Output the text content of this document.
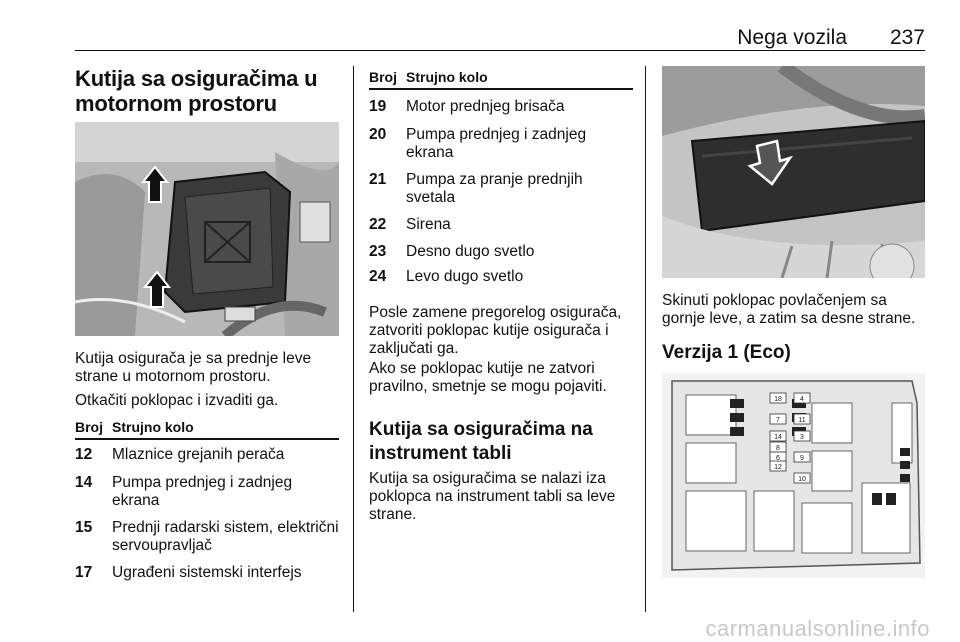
Nega vozila 237
Kutija sa osiguračima u motornom prostoru
Kutija osigurača je sa prednje leve strane u motornom prostoru.
Otkačiti poklopac i izvaditi ga.
Broj Strujno kolo
12 Mlaznice grejanih perača
14 Pumpa prednjeg i zadnjeg ekrana
15 Prednji radarski sistem, električni servoupravljač
17 Ugrađeni sistemski interfejs
Broj Strujno kolo
19 Motor prednjeg brisača
20 Pumpa prednjeg i zadnjeg ekrana
21 Pumpa za pranje prednjih svetala
22 Sirena
23 Desno dugo svetlo
24 Levo dugo svetlo
Posle zamene pregorelog osigurača, zatvoriti poklopac kutije osigurača i zaključati ga.
Ako se poklopac kutije ne zatvori pravilno, smetnje se mogu pojaviti.
Kutija sa osiguračima na instrument tabli
Kutija sa osiguračima se nalazi iza poklopca na instrument tabli sa leve strane.
Skinuti poklopac povlačenjem sa gornje leve, a zatim sa desne strane.
Verzija 1 (Eco)
18
7
14
8
6
12
4
11
3
9
10
carmanualsonline.info
